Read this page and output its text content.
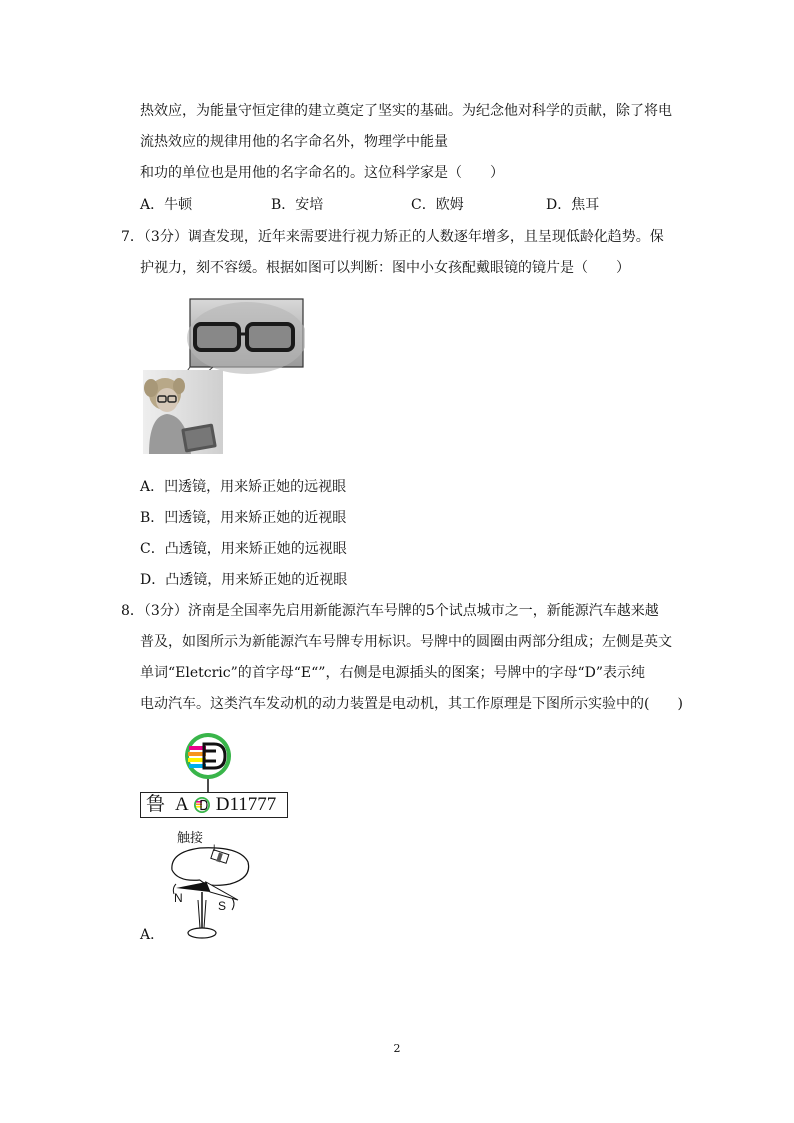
热效应，为能量守恒定律的建立奠定了坚实的基础。为纪念他对科学的贡献，除了将电
流热效应的规律用他的名字命名外，物理学中能量
和功的单位也是用他的名字命名的。这位科学家是（　　）
A．牛顿	B．安培	C．欧姆	D．焦耳
7．（3分）调查发现，近年来需要进行视力矫正的人数逐年增多，且呈现低龄化趋势。保
护视力，刻不容缓。根据如图可以判断：图中小女孩配戴眼镜的镜片是（　　）
A．凹透镜，用来矫正她的远视眼
B．凹透镜，用来矫正她的近视眼
C．凸透镜，用来矫正她的远视眼
D．凸透镜，用来矫正她的近视眼
8．（3分）济南是全国率先启用新能源汽车号牌的5个试点城市之一，新能源汽车越来越
普及，如图所示为新能源汽车号牌专用标识。号牌中的圆圈由两部分组成；左侧是英文
单词“Eletcric”的首字母“E“”，右侧是电源插头的图案；号牌中的字母“D”表示纯
电动汽车。这类汽车发动机的动力装置是电动机，其工作原理是下图所示实验中的(　　)
鲁 A D11777
触接
+
N
S
A．
2
